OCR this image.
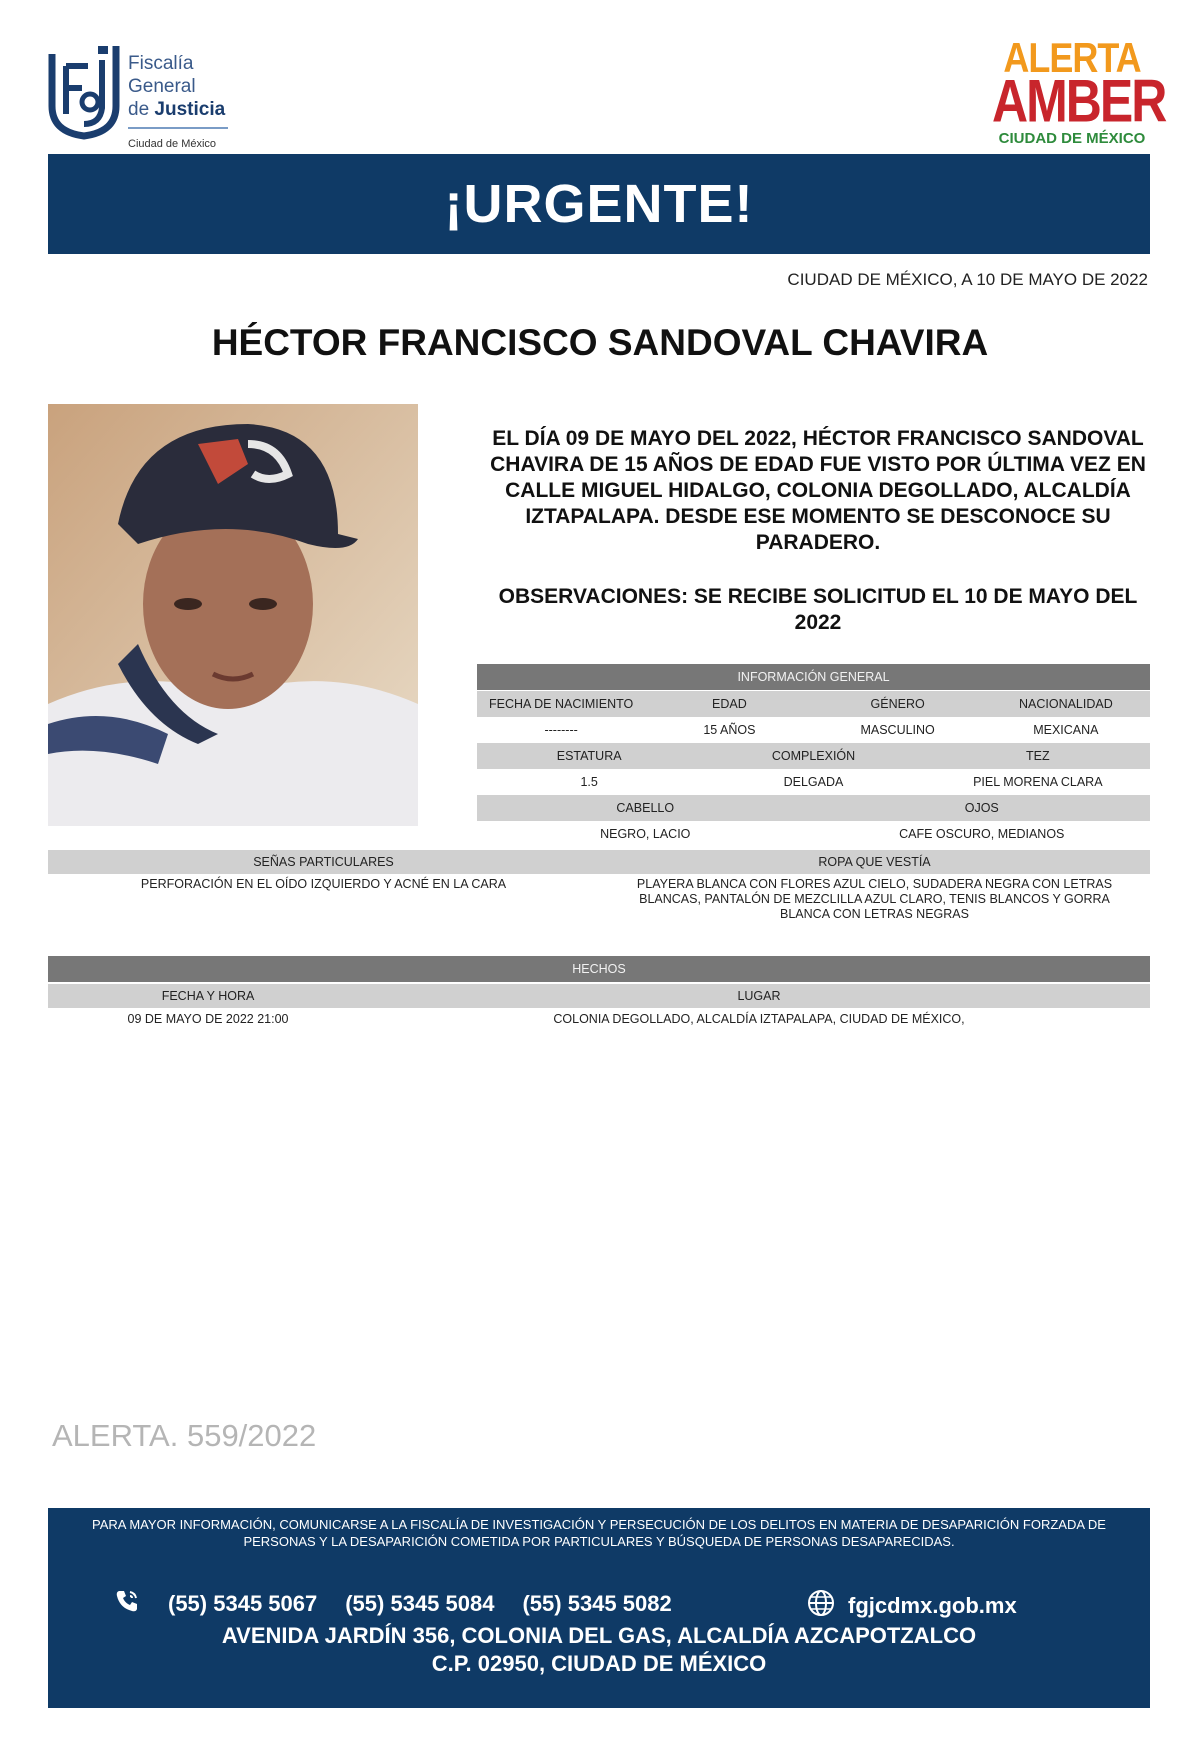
Fiscalía
General
de Justicia
Ciudad de México
ALERTA
AMBER
CIUDAD DE MÉXICO
¡URGENTE!
CIUDAD DE MÉXICO, A 10 DE MAYO DE 2022
HÉCTOR FRANCISCO SANDOVAL CHAVIRA
EL DÍA 09 DE MAYO DEL 2022, HÉCTOR FRANCISCO SANDOVAL CHAVIRA DE 15 AÑOS DE EDAD FUE VISTO POR ÚLTIMA VEZ EN CALLE MIGUEL HIDALGO, COLONIA DEGOLLADO, ALCALDÍA IZTAPALAPA. DESDE ESE MOMENTO SE DESCONOCE SU PARADERO.
OBSERVACIONES: SE RECIBE SOLICITUD EL 10 DE MAYO DEL 2022
INFORMACIÓN GENERAL
FECHA DE NACIMIENTO	EDAD	GÉNERO	NACIONALIDAD
--------	15 AÑOS	MASCULINO	MEXICANA
ESTATURA	COMPLEXIÓN	TEZ
1.5	DELGADA	PIEL MORENA CLARA
CABELLO	OJOS
NEGRO, LACIO	CAFE OSCURO, MEDIANOS
SEÑAS PARTICULARES	ROPA QUE VESTÍA
PERFORACIÓN EN EL OÍDO IZQUIERDO Y ACNÉ EN LA CARA	PLAYERA BLANCA CON FLORES AZUL CIELO, SUDADERA NEGRA CON LETRAS BLANCAS, PANTALÓN DE MEZCLILLA AZUL CLARO, TENIS BLANCOS Y GORRA BLANCA CON LETRAS NEGRAS
HECHOS
FECHA Y HORA	LUGAR
09 DE MAYO DE 2022 21:00	COLONIA DEGOLLADO, ALCALDÍA IZTAPALAPA, CIUDAD DE MÉXICO,
ALERTA. 559/2022
PARA MAYOR INFORMACIÓN, COMUNICARSE A LA FISCALÍA DE INVESTIGACIÓN Y PERSECUCIÓN DE LOS DELITOS EN MATERIA DE DESAPARICIÓN FORZADA DE PERSONAS Y LA DESAPARICIÓN COMETIDA POR PARTICULARES Y BÚSQUEDA DE PERSONAS DESAPARECIDAS.
(55) 5345 5067 (55) 5345 5084 (55) 5345 5082	fgjcdmx.gob.mx
AVENIDA JARDÍN 356, COLONIA DEL GAS, ALCALDÍA AZCAPOTZALCO
C.P. 02950, CIUDAD DE MÉXICO
